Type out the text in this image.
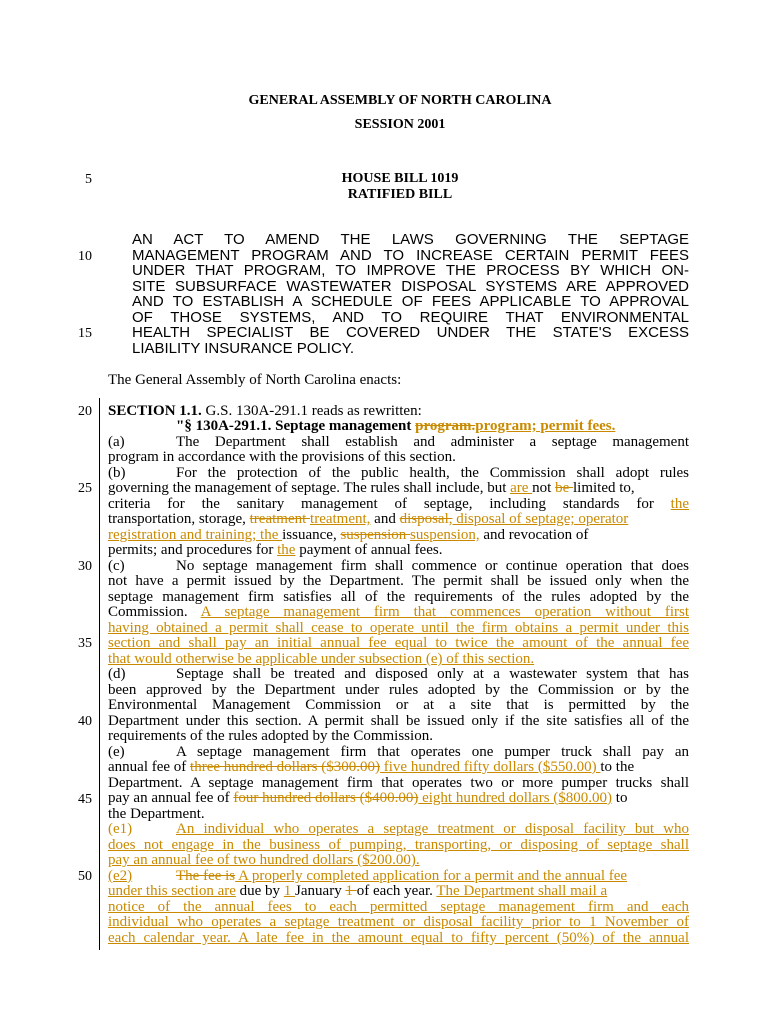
GENERAL ASSEMBLY OF NORTH CAROLINA
SESSION 2001
HOUSE BILL 1019
RATIFIED BILL
5
10
15
20
25
30
35
40
45
50
AN ACT TO AMEND THE LAWS GOVERNING THE SEPTAGE
MANAGEMENT PROGRAM AND TO INCREASE CERTAIN PERMIT FEES
UNDER THAT PROGRAM, TO IMPROVE THE PROCESS BY WHICH ON-
SITE SUBSURFACE WASTEWATER DISPOSAL SYSTEMS ARE APPROVED
AND TO ESTABLISH A SCHEDULE OF FEES APPLICABLE TO APPROVAL
OF THOSE SYSTEMS, AND TO REQUIRE THAT ENVIRONMENTAL
HEALTH SPECIALIST BE COVERED UNDER THE STATE'S EXCESS
LIABILITY INSURANCE POLICY.
The General Assembly of North Carolina enacts:
SECTION 1.1. G.S. 130A-291.1 reads as rewritten:
"§ 130A-291.1. Septage management program.program; permit fees.
(a)	The Department shall establish and administer a septage management
program in accordance with the provisions of this section.
(b)	For the protection of the public health, the Commission shall adopt rules
governing the management of septage. The rules shall include, but are not be limited to,
criteria for the sanitary management of septage, including standards for the
transportation, storage, treatment treatment, and disposal, disposal of septage; operator
registration and training; the issuance, suspension suspension, and revocation of
permits; and procedures for the payment of annual fees.
(c)	No septage management firm shall commence or continue operation that does
not have a permit issued by the Department. The permit shall be issued only when the
septage management firm satisfies all of the requirements of the rules adopted by the
Commission. A septage management firm that commences operation without first
having obtained a permit shall cease to operate until the firm obtains a permit under this
section and shall pay an initial annual fee equal to twice the amount of the annual fee
that would otherwise be applicable under subsection (e) of this section.
(d)	Septage shall be treated and disposed only at a wastewater system that has
been approved by the Department under rules adopted by the Commission or by the
Environmental Management Commission or at a site that is permitted by the
Department under this section. A permit shall be issued only if the site satisfies all of the
requirements of the rules adopted by the Commission.
(e)	A septage management firm that operates one pumper truck shall pay an
annual fee of three hundred dollars ($300.00) five hundred fifty dollars ($550.00) to the
Department. A septage management firm that operates two or more pumper trucks shall
pay an annual fee of four hundred dollars ($400.00) eight hundred dollars ($800.00) to
the Department.
(e1)	An individual who operates a septage treatment or disposal facility but who
does not engage in the business of pumping, transporting, or disposing of septage shall
pay an annual fee of two hundred dollars ($200.00).
(e2)	The fee is A properly completed application for a permit and the annual fee
under this section are due by 1 January 1 of each year. The Department shall mail a
notice of the annual fees to each permitted septage management firm and each
individual who operates a septage treatment or disposal facility prior to 1 November of
each calendar year. A late fee in the amount equal to fifty percent (50%) of the annual
